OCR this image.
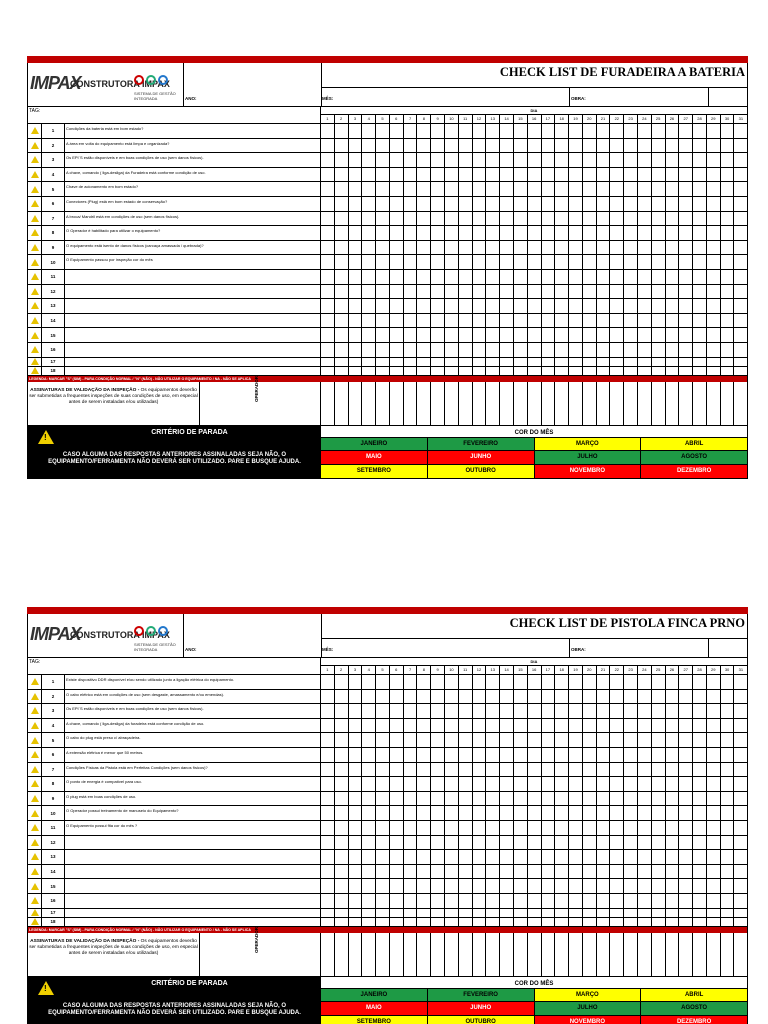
IMPAX
CONSTRUTORA IMPAX
SISTEMA DE GESTÃO INTEGRADA	ANO:
CHECK LIST DE FURADEIRA A BATERIA
MÊS:	OBRA:
TAG:	DIA
1	2	3	4	5	6	7	8	9	10	11	12	13	14	15	16	17	18	19	20	21	22	23	24	25	26	27	28	29	30	31
1	Condições da bateria está em bom estado?
2	A área em volta do equipamento está limpa e organizada?
3	Os EPI´S estão disponíveis e em boas condições de uso (sem danos físicos).
4	A chave, comando ( liga-desliga) da Furadeira está conforme condição de uso.
5	Chave de acionamento em bom estado?
6	Conectores (Plug) está em bom estado de conservação?
7	A broca/ Mandril está em condições de uso (sem danos físicos).
8	O Operador é habilitado para utilizar o equipamento?
9	O equipamento está isento de danos físicos (carcaça amassada / quebrada)?
10	O Equipamento passou por inspeção cor do mês
11
12
13
14
15
16
17
18
LEGENDA: MARCAR "S" (SIM) - PARA CONDIÇÃO NORMAL / "N" (NÃO) - NÃO UTILIZAR O EQUIPAMENTO / NA - NÃO SE APLICA
ASSINATURAS DE VALIDAÇÃO DA INSPEÇÃO - Os equipamentos deverão ser submetidas a frequentes inspeções de suas condições de uso, em especial antes de serem instaladas e/ou utilizadas)
OPERADOR
!
CRITÉRIO DE PARADA
CASO ALGUMA DAS RESPOSTAS ANTERIORES ASSINALADAS SEJA NÃO, O EQUIPAMENTO/FERRAMENTA NÃO DEVERÁ SER UTILIZADO. PARE E BUSQUE AJUDA.
COR DO MÊS
JANEIRO	FEVEREIRO	MARÇO	ABRIL
MAIO	JUNHO	JULHO	AGOSTO
SETEMBRO	OUTUBRO	NOVEMBRO	DEZEMBRO
IMPAX
CONSTRUTORA IMPAX
SISTEMA DE GESTÃO INTEGRADA	ANO:
CHECK LIST DE PISTOLA FINCA PRNO
MÊS:	OBRA:
TAG:	DIA
1	2	3	4	5	6	7	8	9	10	11	12	13	14	15	16	17	18	19	20	21	22	23	24	25	26	27	28	29	30	31
1	Existe dispositivo DDR disponível e/ou sendo utilizado junto a ligação elétrica do equipamento.
2	O cabo elétrico está em condições de uso (sem desgaste, amassamento e/ou emendas).
3	Os EPI´S estão disponíveis e em boas condições de uso (sem danos físicos).
4	A chave, comando ( liga-desliga) da furadeira está conforme condição de uso.
5	O cabo do plug está preso c/ abraçadeira.
6	A extensão elétrica é menor que 50 metros.
7	Condições Físicas da Pistola está em Perfeitas Condições (sem danos físicos)?
8	O ponto de energia é compatível para uso.
9	O plug está em boas condições de uso.
10	O Operador possui treinamento de manuseio do Equipamento?
11	O Equipamento possui fita cor do mês ?
12
13
14
15
16
17
18
LEGENDA: MARCAR "S" (SIM) - PARA CONDIÇÃO NORMAL / "N" (NÃO) - NÃO UTILIZAR O EQUIPAMENTO / NA - NÃO SE APLICA
ASSINATURAS DE VALIDAÇÃO DA INSPEÇÃO - Os equipamentos deverão ser submetidas a frequentes inspeções de suas condições de uso, em especial antes de serem instaladas e/ou utilizadas)
OPERADOR
!
CRITÉRIO DE PARADA
CASO ALGUMA DAS RESPOSTAS ANTERIORES ASSINALADAS SEJA NÃO, O EQUIPAMENTO/FERRAMENTA NÃO DEVERÁ SER UTILIZADO. PARE E BUSQUE AJUDA.
COR DO MÊS
JANEIRO	FEVEREIRO	MARÇO	ABRIL
MAIO	JUNHO	JULHO	AGOSTO
SETEMBRO	OUTUBRO	NOVEMBRO	DEZEMBRO
